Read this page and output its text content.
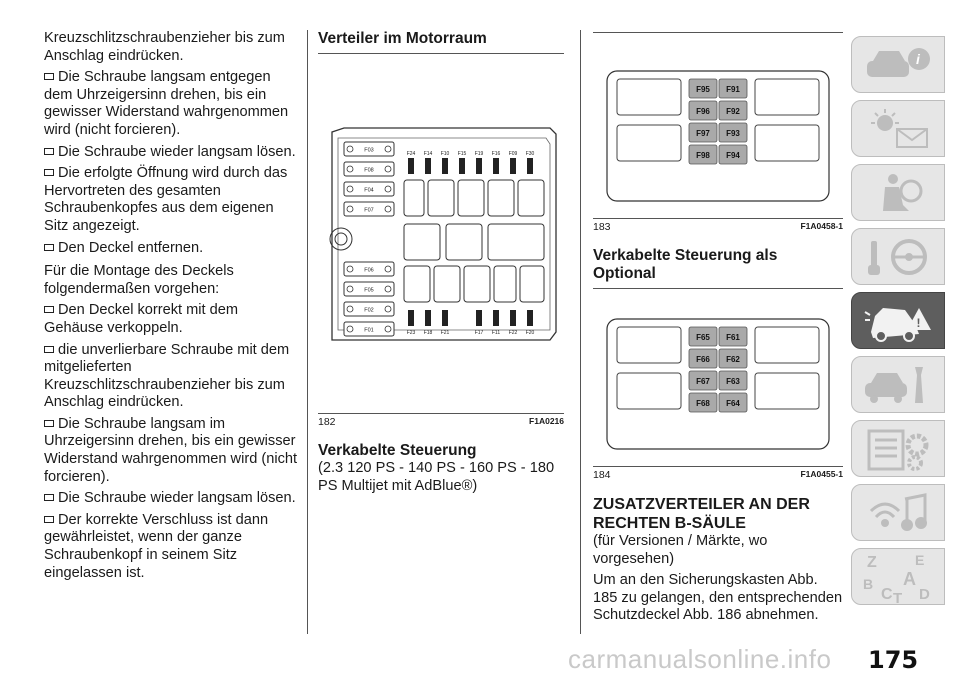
Kreuzschlitzschraubenzieher bis zum Anschlag eindrücken.

Die Schraube langsam entgegen dem Uhrzeigersinn drehen, bis ein gewisser Widerstand wahrgenommen wird (nicht forcieren).

Die Schraube wieder langsam lösen.

Die erfolgte Öffnung wird durch das Hervortreten des gesamten Schraubenkopfes aus dem eigenen Sitz angezeigt.

Den Deckel entfernen.

Für die Montage des Deckels folgendermaßen vorgehen:

Den Deckel korrekt mit dem Gehäuse verkoppeln.

die unverlierbare Schraube mit dem mitgelieferten Kreuzschlitzschraubenzieher bis zum Anschlag eindrücken.

Die Schraube langsam im Uhrzeigersinn drehen, bis ein gewisser Widerstand wahrgenommen wird (nicht forcieren).

Die Schraube wieder langsam lösen.

Der korrekte Verschluss ist dann gewährleistet, wenn der ganze Schraubenkopf in seinem Sitz eingelassen ist.

Verteiler im Motorraum
F03
F08
F04
F07
F06
F05
F02
F01
F24 F14 F10 F15 F19 F16 F09 F30
F23 F18 F21	F17 F11 F22 F20
182	F1A0216
Verkabelte Steuerung

(2.3 120 PS - 140 PS - 160 PS - 180 PS Multijet mit AdBlue®)

F95 F91
F96 F92
F97 F93
F98 F94
183	F1A0458-1
Verkabelte Steuerung als Optional
F65 F61
F66 F62
F67 F63
F68 F64
184	F1A0455-1
ZUSATZVERTEILER AN DER RECHTEN B-SÄULE

(für Versionen / Märkte, wo vorgesehen)

Um an den Sicherungskasten Abb. 185 zu gelangen, den entsprechenden Schutzdeckel Abb. 186 abnehmen.

i
!
Z	E
B A
C T D
carmanualsonline.info 175
